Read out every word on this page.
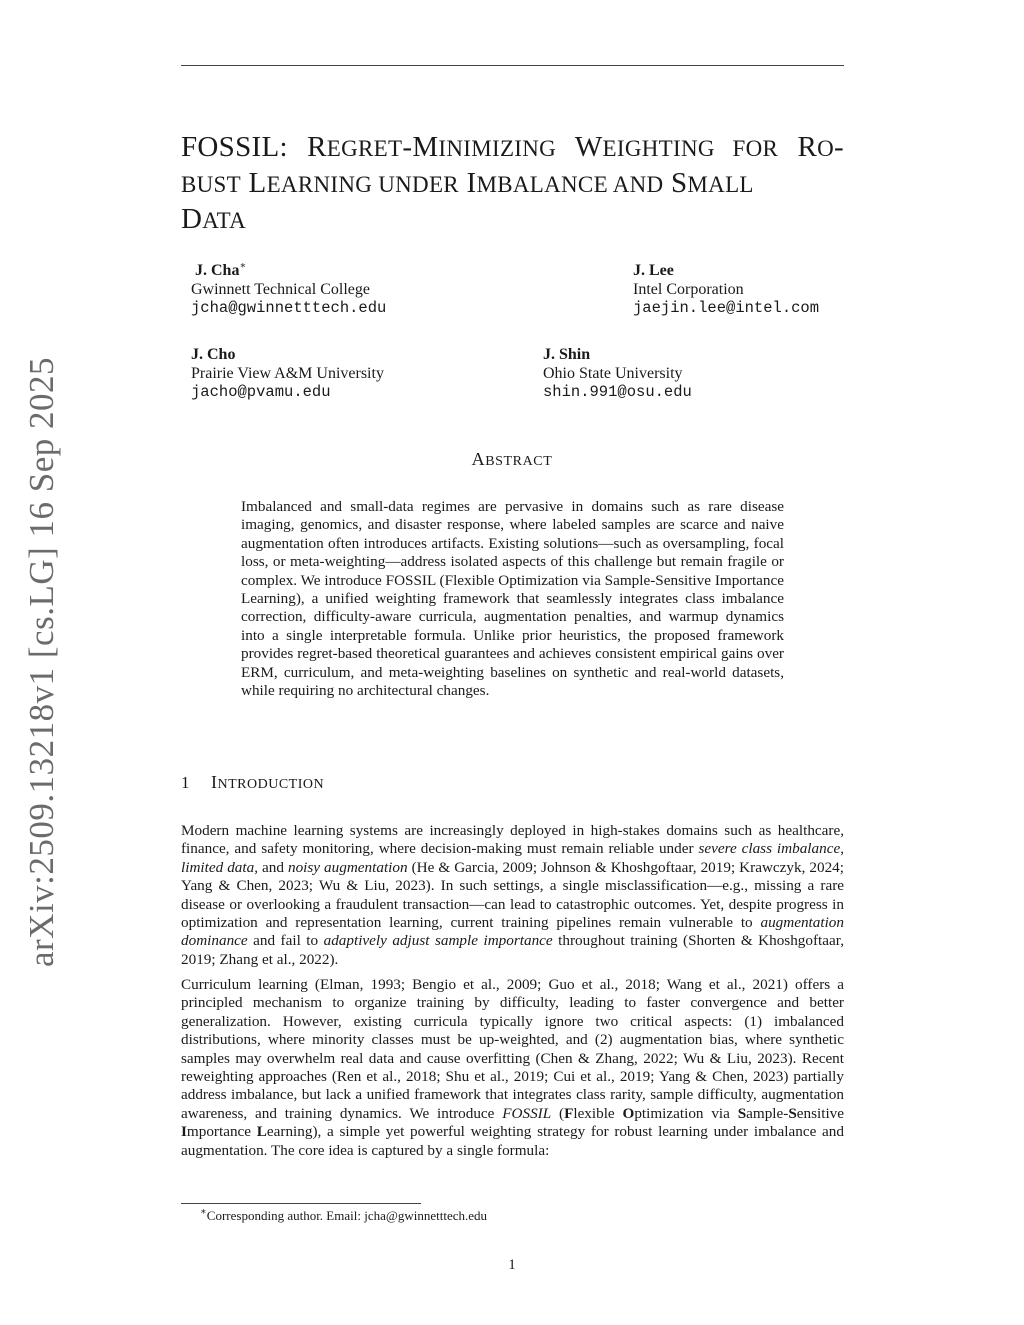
arXiv:2509.13218v1 [cs.LG] 16 Sep 2025
FOSSIL: REGRET-MINIMIZING WEIGHTING FOR RO- BUST LEARNING UNDER IMBALANCE AND SMALL
DATA
J. Cha∗
Gwinnett Technical College
jcha@gwinnetttech.edu
J. Lee
Intel Corporation
jaejin.lee@intel.com
J. Cho
Prairie View A&M University
jacho@pvamu.edu
J. Shin
Ohio State University
shin.991@osu.edu
ABSTRACT
Imbalanced and small-data regimes are pervasive in domains such as rare disease imaging, genomics, and disaster response, where labeled samples are scarce and naive augmentation often introduces artifacts. Existing solutions—such as oversampling, focal loss, or meta-weighting—address isolated aspects of this challenge but remain fragile or complex. We introduce FOSSIL (Flexible Optimization via Sample-Sensitive Importance Learning), a unified weighting framework that seamlessly integrates class imbalance correction, difficulty-aware curricula, augmentation penalties, and warmup dynamics into a single interpretable formula. Unlike prior heuristics, the proposed framework provides regret-based theoretical guarantees and achieves consistent empirical gains over ERM, curriculum, and meta-weighting baselines on synthetic and real-world datasets, while requiring no architectural changes.
1 INTRODUCTION
Modern machine learning systems are increasingly deployed in high-stakes domains such as healthcare, finance, and safety monitoring, where decision-making must remain reliable under severe class imbalance, limited data, and noisy augmentation (He & Garcia, 2009; Johnson & Khoshgoftaar, 2019; Krawczyk, 2024; Yang & Chen, 2023; Wu & Liu, 2023). In such settings, a single misclassification—e.g., missing a rare disease or overlooking a fraudulent transaction—can lead to catastrophic outcomes. Yet, despite progress in optimization and representation learning, current training pipelines remain vulnerable to augmentation dominance and fail to adaptively adjust sample importance throughout training (Shorten & Khoshgoftaar, 2019; Zhang et al., 2022).
Curriculum learning (Elman, 1993; Bengio et al., 2009; Guo et al., 2018; Wang et al., 2021) offers a principled mechanism to organize training by difficulty, leading to faster convergence and better generalization. However, existing curricula typically ignore two critical aspects: (1) imbalanced distributions, where minority classes must be up-weighted, and (2) augmentation bias, where synthetic samples may overwhelm real data and cause overfitting (Chen & Zhang, 2022; Wu & Liu, 2023). Recent reweighting approaches (Ren et al., 2018; Shu et al., 2019; Cui et al., 2019; Yang & Chen, 2023) partially address imbalance, but lack a unified framework that integrates class rarity, sample difficulty, augmentation awareness, and training dynamics. We introduce FOSSIL (Flexible Optimization via Sample-Sensitive Importance Learning), a simple yet powerful weighting strategy for robust learning under imbalance and augmentation. The core idea is captured by a single formula:
∗Corresponding author. Email: jcha@gwinnetttech.edu
1
